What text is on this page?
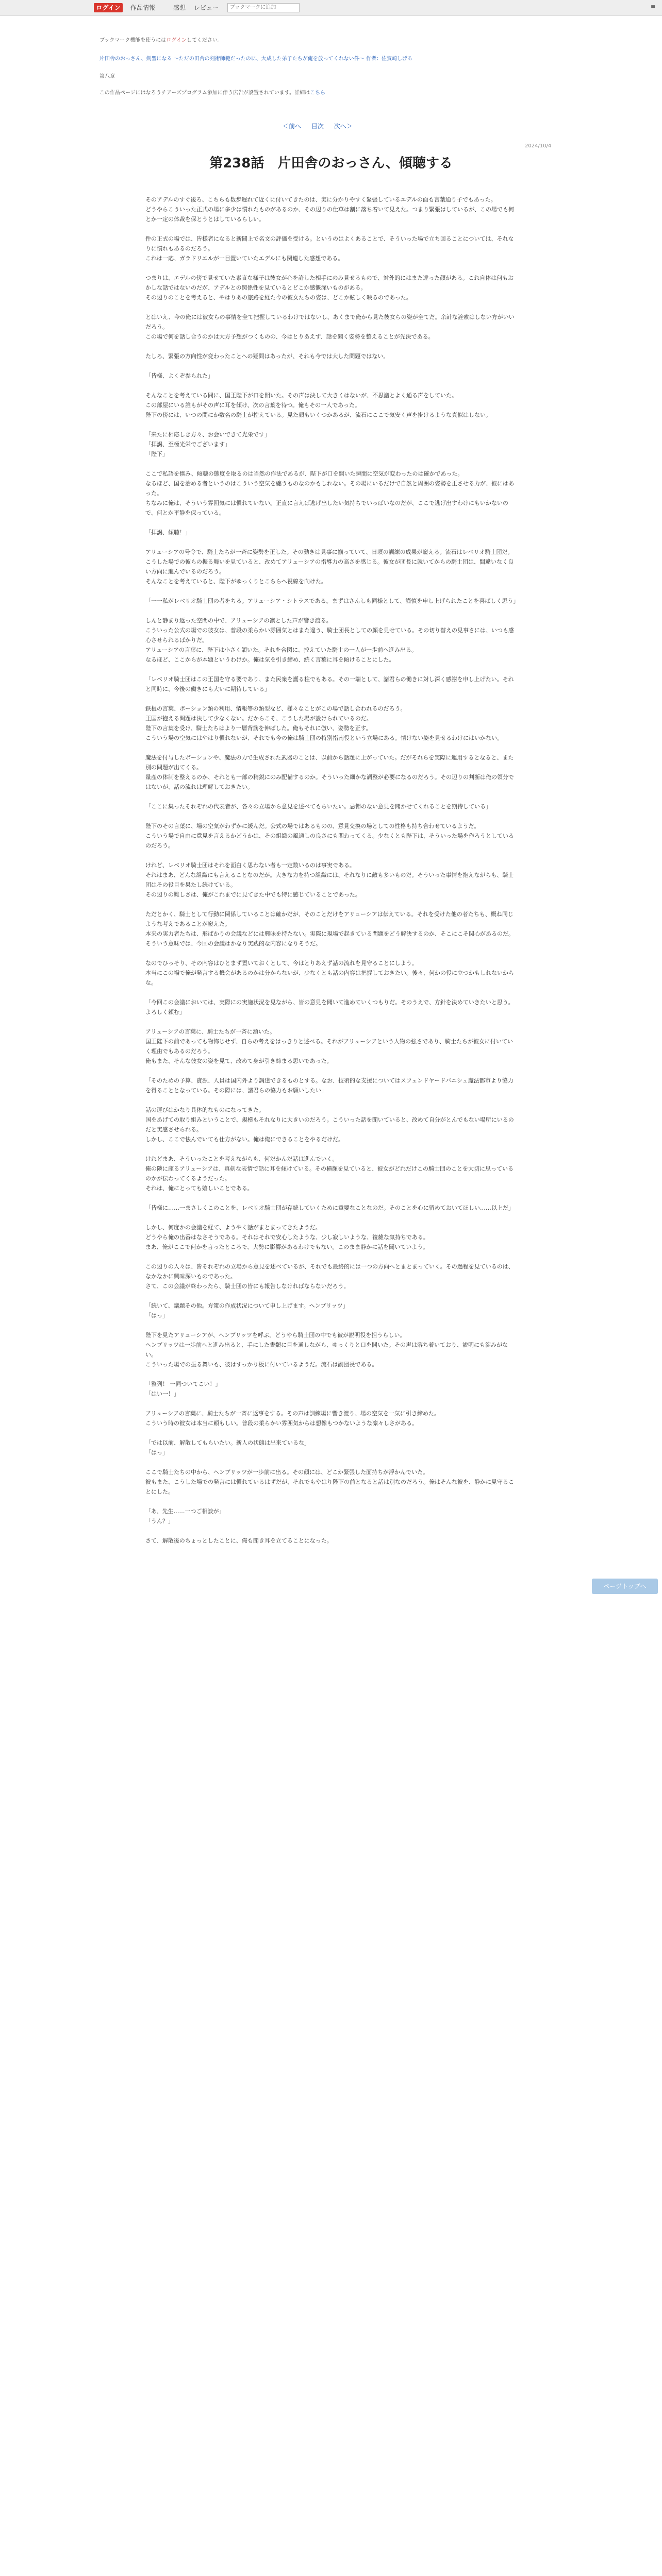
ログイン	作品情報	感想 レビュー
ブックマークに追加	≡
ブックマーク機能を使うにはログインしてください。
片田舎のおっさん、剣聖になる 〜ただの田舎の剣術師範だったのに、大成した弟子たちが俺を放ってくれない件〜 作者：佐賀崎しげる
第八章
この作品ページにはなろうチアーズプログラム参加に伴う広告が設置されています。詳細はこちら
＜前へ 目次 次へ＞
2024/10/4
第238話　片田舎のおっさん、傾聴する

そのアデルのすぐ後ろ、こちらも数歩遅れて近くに付いてきたのは、実に分かりやすく緊張しているエデルの面も言葉通り子でもあった。
どうやらこういった正式の場に多少は慣れたものがあるのか、その辺りの仕草は割に落ち着いて見えた。つまり緊張はしているが、この場でも何とか一定の体裁を保とうとはしているらしい。

件の正式の場では、皆様者になると新聞上で名文の評価を受ける。というのはよくあることで、そういった場で立ち回ることについては、それなりに慣れもあるのだろう。
これは一応、ガラドリエルが一目置いていたエデルにも関連した感想である。

つまりは、エデルの傍で見せていた素直な様子は彼女が心を許した相手にのみ見せるもので、対外的にはまた違った顔がある。これ自体は何もおかしな話ではないのだが、アデルとの関係性を見ているとどこか感慨深いものがある。
その辺りのことを考えると、やはりあの旅路を経た今の彼女たちの姿は、どこか眩しく映るのであった。

とはいえ、今の俺には彼女らの事情を全て把握しているわけではないし、あくまで俺から見た彼女らの姿が全てだ。余計な詮索はしない方がいいだろう。
この場で何を話し合うのかは大方予想がつくものの、今はとりあえず、話を聞く姿勢を整えることが先決である。

たしろ、緊張の方向性が変わったことへの疑問はあったが、それも今では大した問題ではない。

「皆様、よくぞ参られた」

そんなことを考えている間に、国王陛下が口を開いた。その声は決して大きくはないが、不思議とよく通る声をしていた。
この部屋にいる誰もがその声に耳を傾け、次の言葉を待つ。俺もその一人であった。
陛下の傍には、いつの間にか数名の騎士が控えている。見た顔もいくつかあるが、流石にここで気安く声を掛けるような真似はしない。

「来たに相応しき方々、お会いできて光栄です」
「拝謁、至極光栄でございます」
「陛下」

ここで私語を慎み、傾聴の態度を取るのは当然の作法であるが、陛下が口を開いた瞬間に空気が変わったのは確かであった。
なるほど、国を治める者というのはこういう空気を纏うものなのかもしれない。その場にいるだけで自然と周囲の姿勢を正させる力が、彼にはあった。
ちなみに俺は、そういう雰囲気には慣れていない。正直に言えば逃げ出したい気持ちでいっぱいなのだが、ここで逃げ出すわけにもいかないので、何とか平静を保っている。

「拝謁、傾聴！」

アリューシアの号令で、騎士たちが一斉に姿勢を正した。その動きは見事に揃っていて、日頃の訓練の成果が窺える。流石はレベリオ騎士団だ。
こうした場での彼らの振る舞いを見ていると、改めてアリューシアの指導力の高さを感じる。彼女が団長に就いてからの騎士団は、間違いなく良い方向に進んでいるのだろう。
そんなことを考えていると、陛下がゆっくりとこちらへ視線を向けた。

「一一私がレベリオ騎士団の者をちる。アリューシア・シトラスである。まずはさんしも同様として、謹慎を申し上げられたことを喜ばしく思う」

しんと静まり返った空間の中で、アリューシアの凛とした声が響き渡る。
こういった公式の場での彼女は、普段の柔らかい雰囲気とはまた違う、騎士団長としての顔を見せている。その切り替えの見事さには、いつも感心させられるばかりだ。
アリューシアの言葉に、陛下は小さく頷いた。それを合図に、控えていた騎士の一人が一歩前へ進み出る。
なるほど、ここからが本題というわけか。俺は気を引き締め、続く言葉に耳を傾けることにした。

「レベリオ騎士団はこの王国を守る要であり、また民衆を護る柱でもある。その一端として、諸君らの働きに対し深く感謝を申し上げたい。それと同時に、今後の働きにも大いに期待している」

鉄板の言葉、ボーション類の利用、情報等の類型など、様々なことがこの場で話し合われるのだろう。
王国が抱える問題は決して少なくない。だからこそ、こうした場が設けられているのだ。
陛下の言葉を受け、騎士たちはより一層背筋を伸ばした。俺もそれに倣い、姿勢を正す。
こういう場の空気にはやはり慣れないが、それでも今の俺は騎士団の特別指南役という立場にある。情けない姿を見せるわけにはいかない。

魔法を付与したボーションや、魔法の力で生成された武器のことは、以前から話題に上がっていた。だがそれらを実際に運用するとなると、また別の問題が出てくる。
量産の体制を整えるのか、それとも一部の精鋭にのみ配備するのか。そういった細かな調整が必要になるのだろう。その辺りの判断は俺の領分ではないが、話の流れは理解しておきたい。

「ここに集ったそれぞれの代表者が、各々の立場から意見を述べてもらいたい。忌憚のない意見を聞かせてくれることを期待している」

陛下のその言葉に、場の空気がわずかに緩んだ。公式の場ではあるものの、意見交換の場としての性格も持ち合わせているようだ。
こういう場で自由に意見を言えるかどうかは、その組織の風通しの良さにも関わってくる。少なくとも陛下は、そういった場を作ろうとしているのだろう。

けれど、レベリオ騎士団はそれを面白く思わない者も一定数いるのは事実である。
それはまあ、どんな組織にも言えることなのだが。大きな力を持つ組織には、それなりに敵も多いものだ。そういった事情を抱えながらも、騎士団はその役目を果たし続けている。
その辺りの難しさは、俺がこれまでに見てきた中でも特に感じていることであった。

ただとかく、騎士として行動に関係していることは確かだが、そのことだけをアリューシアは伝えている。それを受けた他の者たちも、概ね同じような考えであることが窺えた。
本来の実力者たちは、形ばかりの会議などには興味を持たない。実際に現場で起きている問題をどう解決するのか、そこにこそ関心があるのだ。
そういう意味では、今回の会議はかなり実践的な内容になりそうだ。

なのでひっそり、その内容はひとまず置いておくとして、今はとりあえず話の流れを見守ることにしよう。
本当にこの場で俺が発言する機会があるのかは分からないが、少なくとも話の内容は把握しておきたい。後々、何かの役に立つかもしれないからな。

「今回この会議においては、実際にの実施状況を見ながら、皆の意見を聞いて進めていくつもりだ。そのうえで、方針を決めていきたいと思う。よろしく頼む」

アリューシアの言葉に、騎士たちが一斉に頷いた。
国王陛下の前であっても物怖じせず、自らの考えをはっきりと述べる。それがアリューシアという人物の強さであり、騎士たちが彼女に付いていく理由でもあるのだろう。
俺もまた、そんな彼女の姿を見て、改めて身が引き締まる思いであった。

「そのための予算、資源、人員は国内外より調達できるものとする。なお、技術的な支援についてはスフェンドヤードバニシュ魔法都市より協力を得ることとなっている。その際には、諸君らの協力もお願いしたい」

話の運びはかなり具体的なものになってきた。
国をあげての取り組みということで、規模もそれなりに大きいのだろう。こういった話を聞いていると、改めて自分がとんでもない場所にいるのだと実感させられる。
しかし、ここで怯んでいても仕方がない。俺は俺にできることをやるだけだ。

けれどまあ、そういったことを考えながらも、何だかんだ話は進んでいく。
俺の隣に座るアリューシアは、真剣な表情で話に耳を傾けている。その横顔を見ていると、彼女がどれだけこの騎士団のことを大切に思っているのかが伝わってくるようだった。
それは、俺にとっても嬉しいことである。

「皆様に……一まさしくこのことを、レベリオ騎士団が存続していくために重要なことなのだ。そのことを心に留めておいてほしい……以上だ」

しかし、何度かの会議を経て、ようやく話がまとまってきたようだ。
どうやら俺の出番はなさそうである。それはそれで安心したような、少し寂しいような、複雑な気持ちである。
まあ、俺がここで何かを言ったところで、大勢に影響があるわけでもない。このまま静かに話を聞いていよう。

この辺りの人々は、皆それぞれの立場から意見を述べているが、それでも最終的には一つの方向へとまとまっていく。その過程を見ているのは、なかなかに興味深いものであった。
さて、この会議が終わったら、騎士団の皆にも報告しなければならないだろう。

「続いて、議題その他。方策の作成状況について申し上げます。ヘンブリッツ」
「はっ」

陛下を見たアリューシアが、ヘンブリッツを呼ぶ。どうやら騎士団の中でも彼が説明役を担うらしい。
ヘンブリッツは一歩前へと進み出ると、手にした書類に目を通しながら、ゆっくりと口を開いた。その声は落ち着いており、説明にも淀みがない。
こういった場での振る舞いも、彼はすっかり板に付いているようだ。流石は副団長である。

「整列！ 一同ついてこい！」
「はい一！」

アリューシアの言葉に、騎士たちが一斉に返事をする。その声は訓練場に響き渡り、場の空気を一気に引き締めた。
こういう時の彼女は本当に頼もしい。普段の柔らかい雰囲気からは想像もつかないような凛々しさがある。

「では以前、解散してもらいたい。新人の状態は出来ているな」
「はっ」

ここで騎士たちの中から、ヘンブリッツが一歩前に出る。その顔には、どこか緊張した面持ちが浮かんでいた。
彼もまた、こうした場での発言には慣れているはずだが、それでもやはり陛下の前となると話は別なのだろう。俺はそんな彼を、静かに見守ることにした。

「あ、先生……一つご相談が」
「うん？」

さて、解散後のちょっとしたことに、俺も聞き耳を立てることになった。

ページトップへ
